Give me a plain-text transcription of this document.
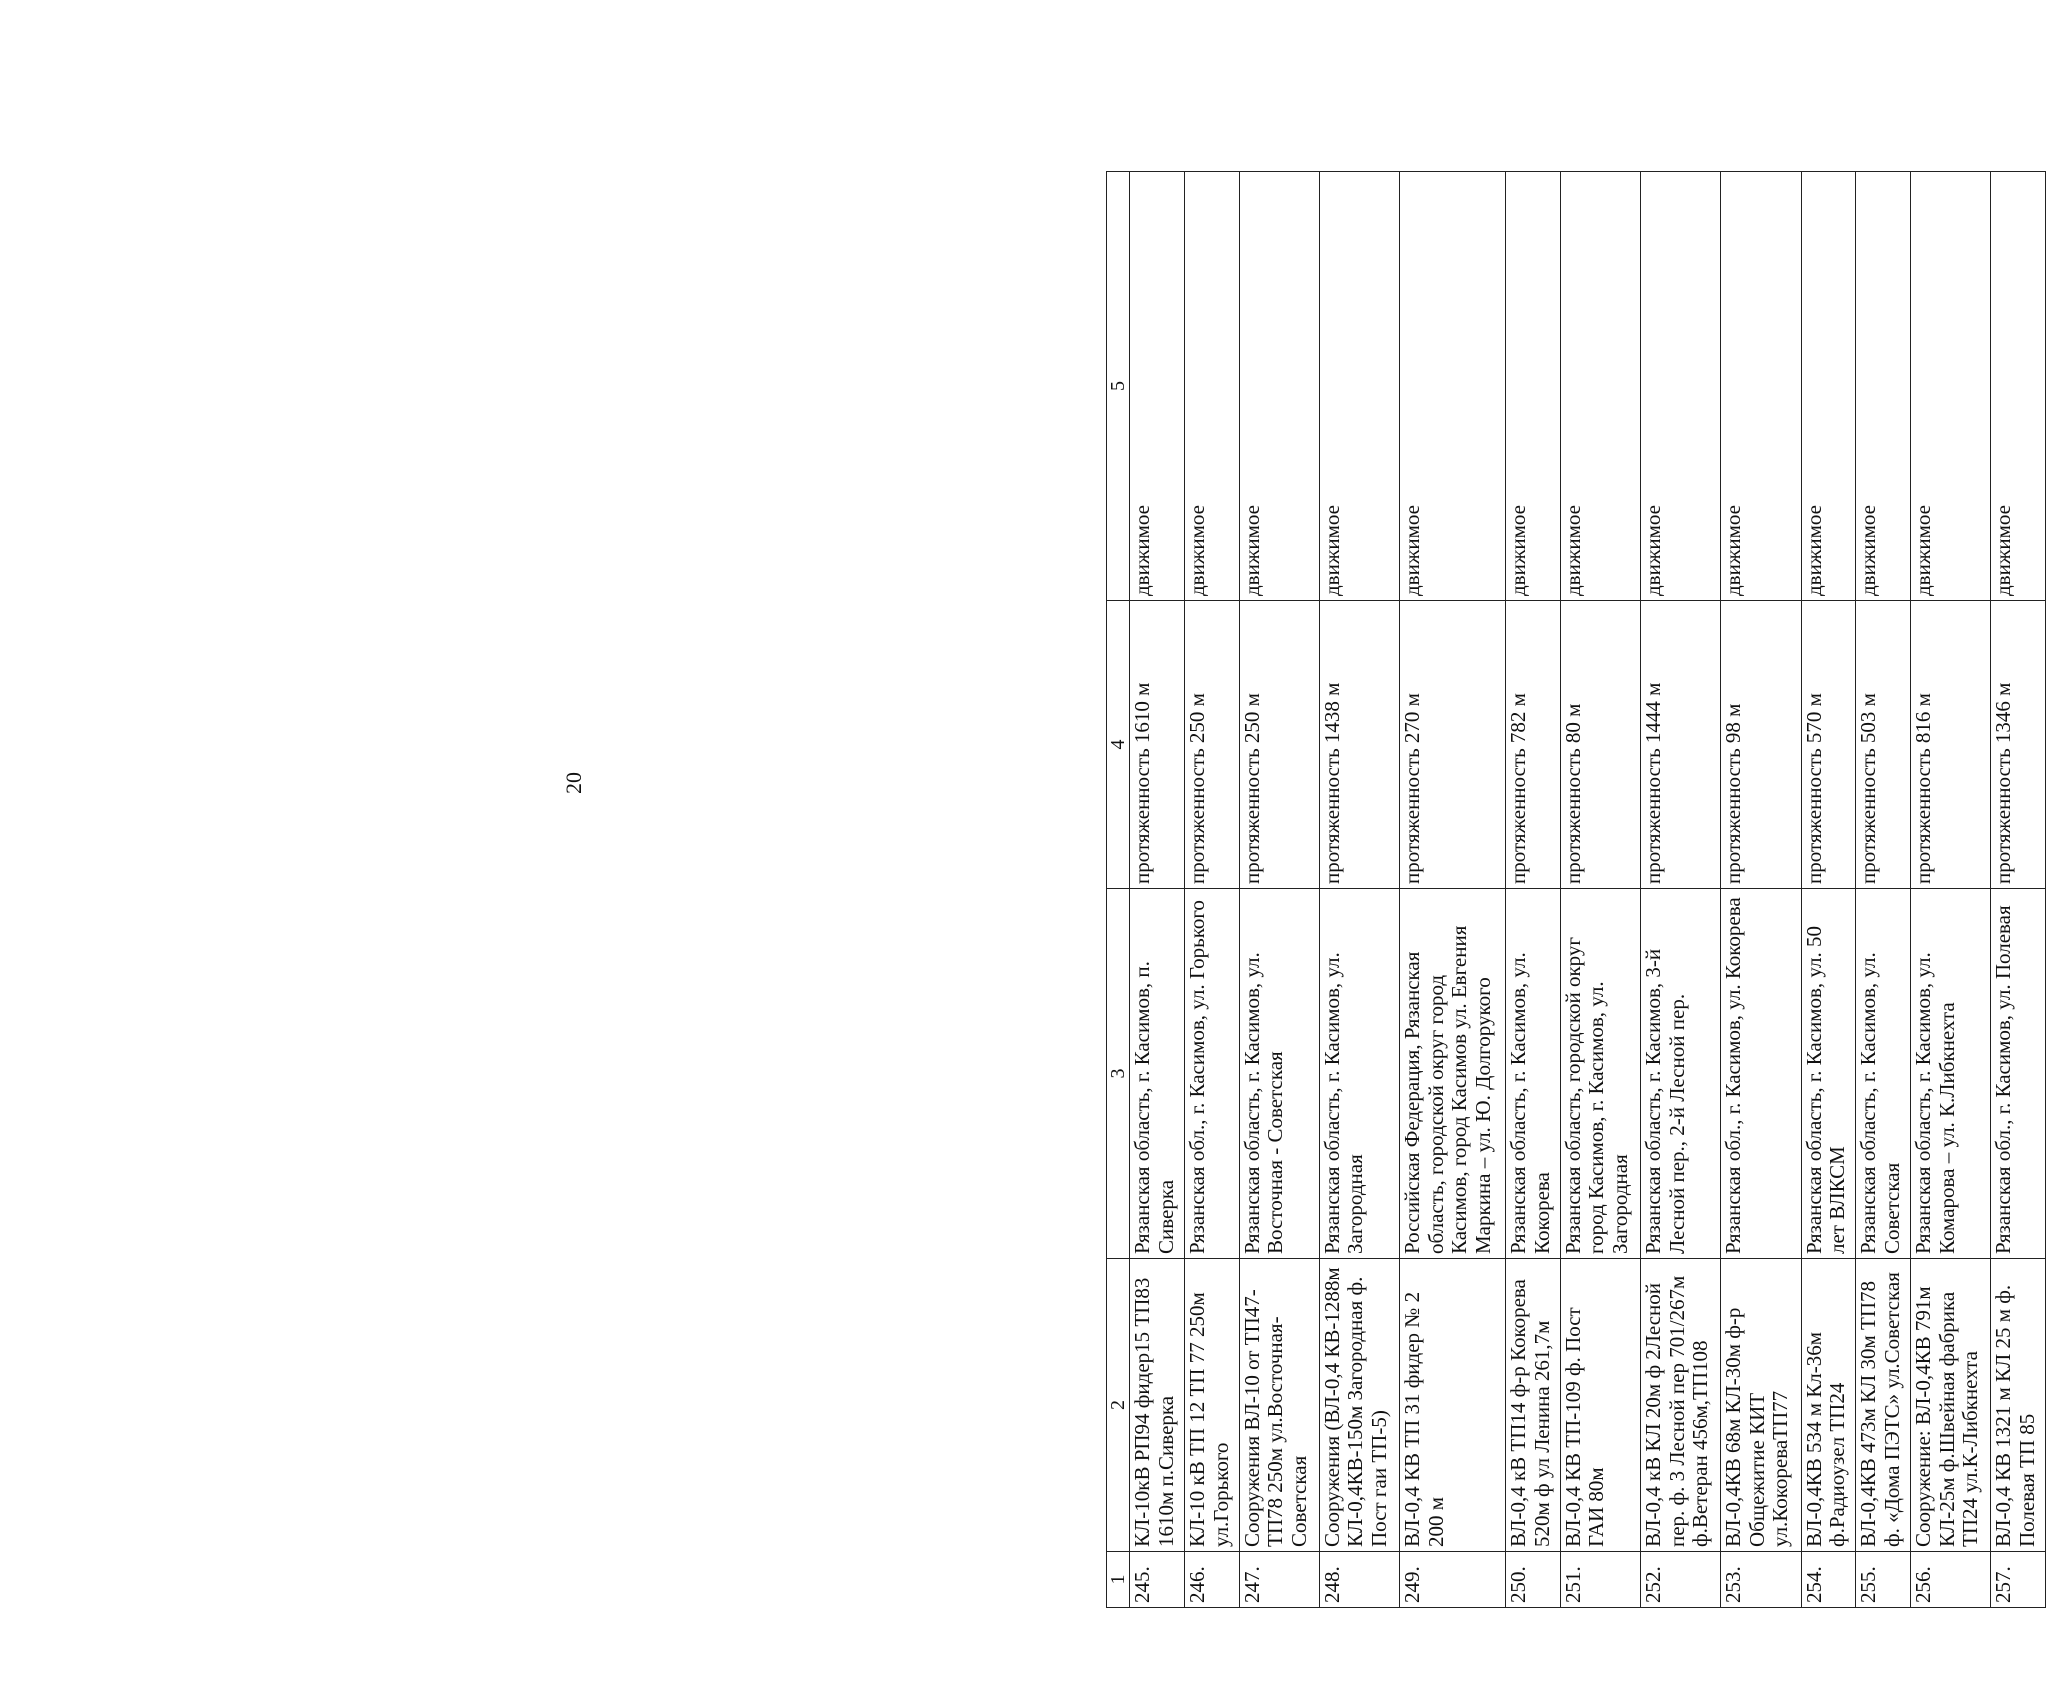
20
1	2	3	4	5
245.	КЛ-10кВ РП94 фидер15 ТП83 1610м п.Сиверка	Рязанская область, г. Касимов, п. Сиверка	протяженность 1610 м	движимое
246.	КЛ-10 кВ ТП 12 ТП 77 250м ул.Горького	Рязанская обл., г. Касимов, ул. Горького	протяженность 250 м	движимое
247.	Сооружения ВЛ-10 от ТП47-ТП78 250м ул.Восточная-Советская	Рязанская область, г. Касимов, ул. Восточная - Советская	протяженность 250 м	движимое
248.	Сооружения (ВЛ-0,4 КВ-1288м КЛ-0,4КВ-150м Загородная ф. Пост гаи ТП-5)	Рязанская область, г. Касимов, ул. Загородная	протяженность 1438 м	движимое
249.	ВЛ-0,4 КВ ТП 31 фидер № 2 200 м	Российская Федерация, Рязанская область, городской округ город Касимов, город Касимов ул. Евгения Маркина – ул. Ю. Долгорукого	протяженность 270 м	движимое
250.	ВЛ-0,4 кВ ТП14 ф-р Кокорева 520м ф ул Ленина 261,7м	Рязанская область, г. Касимов, ул. Кокорева	протяженность 782 м	движимое
251.	ВЛ-0,4 КВ ТП-109 ф. Пост ГАИ 80м	Рязанская область, городской округ город Касимов, г. Касимов, ул. Загородная	протяженность 80 м	движимое
252.	ВЛ-0,4 кВ КЛ 20м ф 2Лесной пер. ф. 3 Лесной пер 701/267м ф.Ветеран 456м,ТП108	Рязанская область, г. Касимов, 3-й Лесной пер., 2-й Лесной пер.	протяженность 1444 м	движимое
253.	ВЛ-0,4КВ 68м КЛ-30м ф-р Общежитие КИТ ул.КокореваТП77	Рязанская обл., г. Касимов, ул. Кокорева	протяженность 98 м	движимое
254.	ВЛ-0,4КВ 534 м Кл-36м ф.Радиоузел ТП24	Рязанская область, г. Касимов, ул. 50 лет ВЛКСМ	протяженность 570 м	движимое
255.	ВЛ-0,4КВ 473м КЛ 30м ТП78 ф. «Дома ПЭТС» ул.Советская	Рязанская область, г. Касимов, ул. Советская	протяженность 503 м	движимое
256.	Сооружение: ВЛ-0,4КВ 791м КЛ-25м ф.Швейная фабрика ТП24 ул.К-Либкнехта	Рязанская область, г. Касимов, ул. Комарова – ул. К.Либкнехта	протяженность 816 м	движимое
257.	ВЛ-0,4 КВ 1321 м КЛ 25 м ф. Полевая ТП 85	Рязанская обл., г. Касимов, ул. Полевая	протяженность 1346 м	движимое
